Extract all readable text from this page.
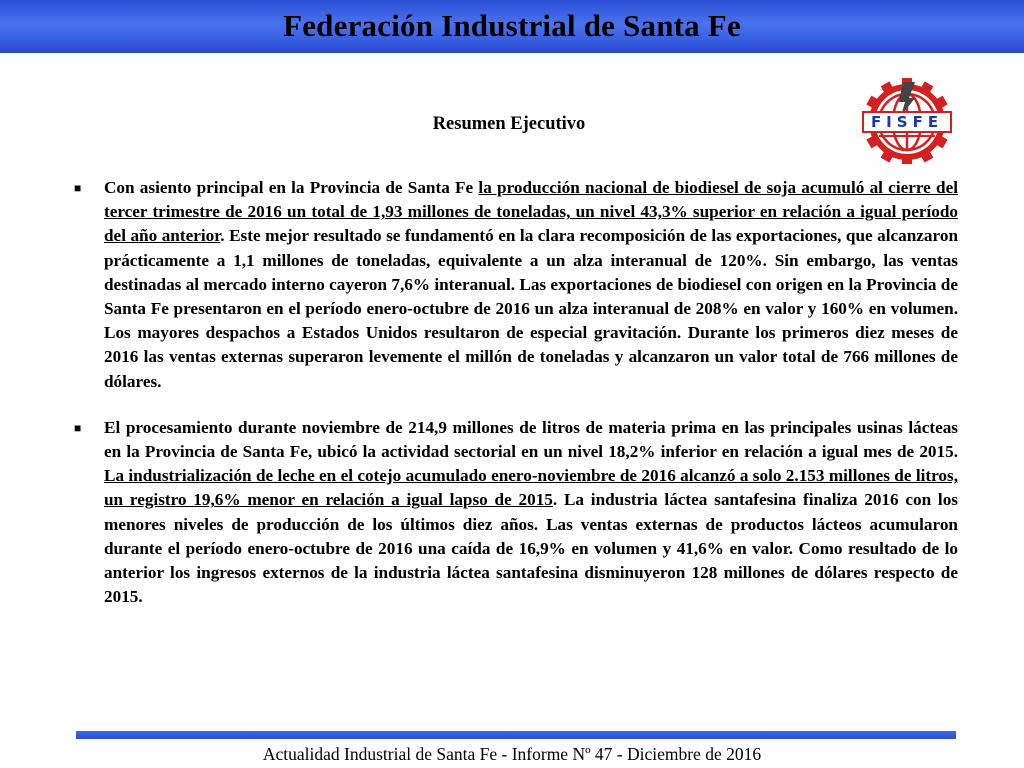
Federación Industrial de Santa Fe
Resumen Ejecutivo	FISFE
■ Con asiento principal en la Provincia de Santa Fe la producción nacional de biodiesel de soja acumuló al cierre del tercer trimestre de 2016 un total de 1,93 millones de toneladas, un nivel 43,3% superior en relación a igual período del año anterior. Este mejor resultado se fundamentó en la clara recomposición de las exportaciones, que alcanzaron prácticamente a 1,1 millones de toneladas, equivalente a un alza interanual de 120%. Sin embargo, las ventas destinadas al mercado interno cayeron 7,6% interanual. Las exportaciones de biodiesel con origen en la Provincia de Santa Fe presentaron en el período enero-octubre de 2016 un alza interanual de 208% en valor y 160% en volumen. Los mayores despachos a Estados Unidos resultaron de especial gravitación. Durante los primeros diez meses de 2016 las ventas externas superaron levemente el millón de toneladas y alcanzaron un valor total de 766 millones de dólares.
■ El procesamiento durante noviembre de 214,9 millones de litros de materia prima en las principales usinas lácteas en la Provincia de Santa Fe, ubicó la actividad sectorial en un nivel 18,2% inferior en relación a igual mes de 2015. La industrialización de leche en el cotejo acumulado enero-noviembre de 2016 alcanzó a solo 2.153 millones de litros, un registro 19,6% menor en relación a igual lapso de 2015. La industria láctea santafesina finaliza 2016 con los menores niveles de producción de los últimos diez años. Las ventas externas de productos lácteos acumularon durante el período enero-octubre de 2016 una caída de 16,9% en volumen y 41,6% en valor. Como resultado de lo anterior los ingresos externos de la industria láctea santafesina disminuyeron 128 millones de dólares respecto de 2015.
Actualidad Industrial de Santa Fe - Informe Nº 47 - Diciembre de 2016
